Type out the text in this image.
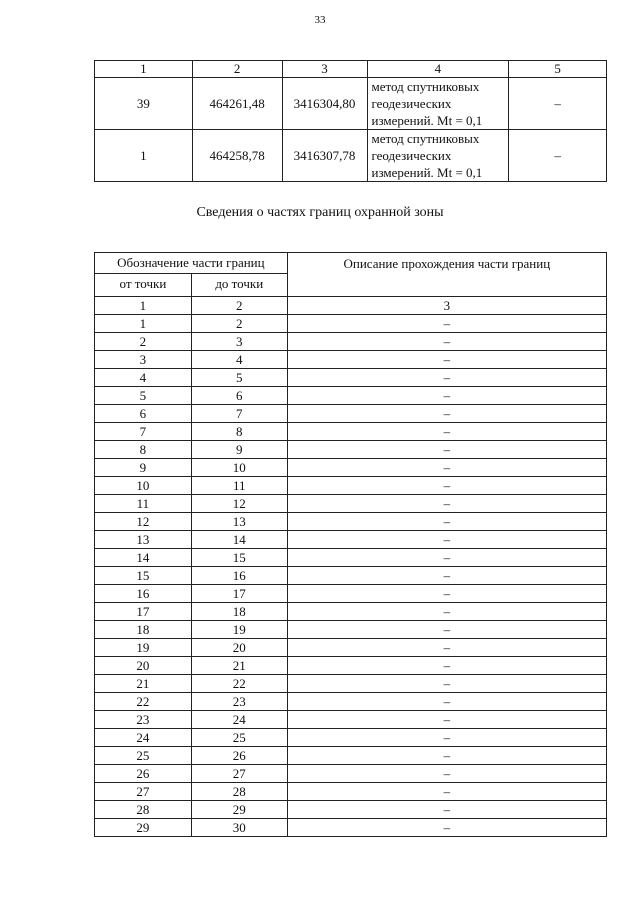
33
1	2	3	4	5
39	464261,48	3416304,80	метод спутниковых
геодезических
измерений. Mt = 0,1	–
1	464258,78	3416307,78	метод спутниковых
геодезических
измерений. Mt = 0,1	–
Сведения о частях границ охранной зоны
Обозначение части границ		Описание прохождения части границ
от точки	до точки	
1	2	3
1	2	–
2	3	–
3	4	–
4	5	–
5	6	–
6	7	–
7	8	–
8	9	–
9	10	–
10	11	–
11	12	–
12	13	–
13	14	–
14	15	–
15	16	–
16	17	–
17	18	–
18	19	–
19	20	–
20	21	–
21	22	–
22	23	–
23	24	–
24	25	–
25	26	–
26	27	–
27	28	–
28	29	–
29	30	–
